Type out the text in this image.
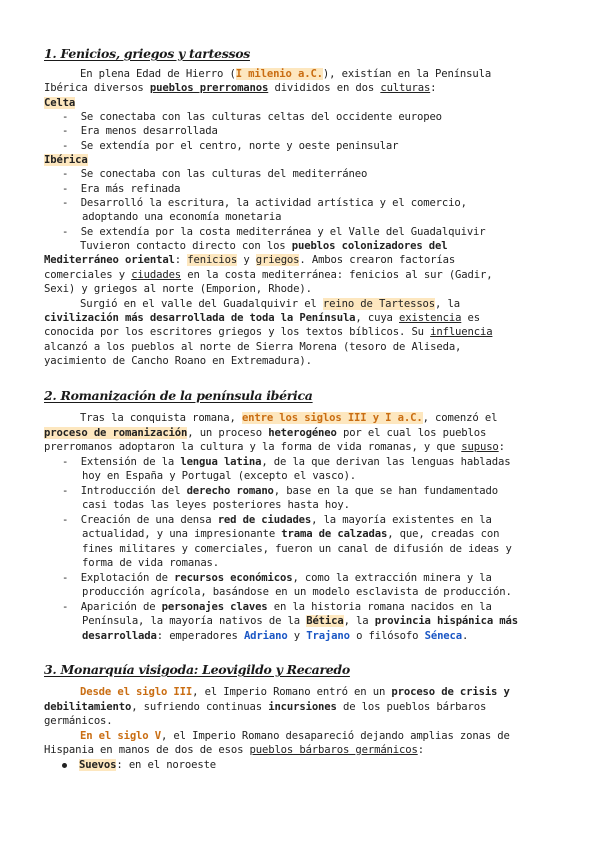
1. Fenicios, griegos y tartessos
En plena Edad de Hierro (I milenio a.C.), existían en la Península
Ibérica diversos pueblos prerromanos divididos en dos culturas:
Celta
-  Se conectaba con las culturas celtas del occidente europeo
-  Era menos desarrollada
-  Se extendía por el centro, norte y oeste peninsular
Ibérica
-  Se conectaba con las culturas del mediterráneo
-  Era más refinada
-  Desarrolló la escritura, la actividad artística y el comercio,
adoptando una economía monetaria
-  Se extendía por la costa mediterránea y el Valle del Guadalquivir
Tuvieron contacto directo con los pueblos colonizadores del
Mediterráneo oriental: fenicios y griegos. Ambos crearon factorías
comerciales y ciudades en la costa mediterránea: fenicios al sur (Gadir,
Sexi) y griegos al norte (Emporion, Rhode).
Surgió en el valle del Guadalquivir el reino de Tartessos, la
civilización más desarrollada de toda la Península, cuya existencia es
conocida por los escritores griegos y los textos bíblicos. Su influencia
alcanzó a los pueblos al norte de Sierra Morena (tesoro de Aliseda,
yacimiento de Cancho Roano en Extremadura).
2. Romanización de la península ibérica
Tras la conquista romana, entre los siglos III y I a.C., comenzó el
proceso de romanización, un proceso heterogéneo por el cual los pueblos
prerromanos adoptaron la cultura y la forma de vida romanas, y que supuso:
-  Extensión de la lengua latina, de la que derivan las lenguas habladas
hoy en España y Portugal (excepto el vasco).
-  Introducción del derecho romano, base en la que se han fundamentado
casi todas las leyes posteriores hasta hoy.
-  Creación de una densa red de ciudades, la mayoría existentes en la
actualidad, y una impresionante trama de calzadas, que, creadas con
fines militares y comerciales, fueron un canal de difusión de ideas y
forma de vida romanas.
-  Explotación de recursos económicos, como la extracción minera y la
producción agrícola, basándose en un modelo esclavista de producción.
-  Aparición de personajes claves en la historia romana nacidos en la
Península, la mayoría nativos de la Bética, la provincia hispánica más
desarrollada: emperadores Adriano y Trajano o filósofo Séneca.
3. Monarquía visigoda: Leovigildo y Recaredo
Desde el siglo III, el Imperio Romano entró en un proceso de crisis y
debilitamiento, sufriendo continuas incursiones de los pueblos bárbaros
germánicos.
En el siglo V, el Imperio Romano desapareció dejando amplias zonas de
Hispania en manos de dos de esos pueblos bárbaros germánicos:
Suevos: en el noroeste
